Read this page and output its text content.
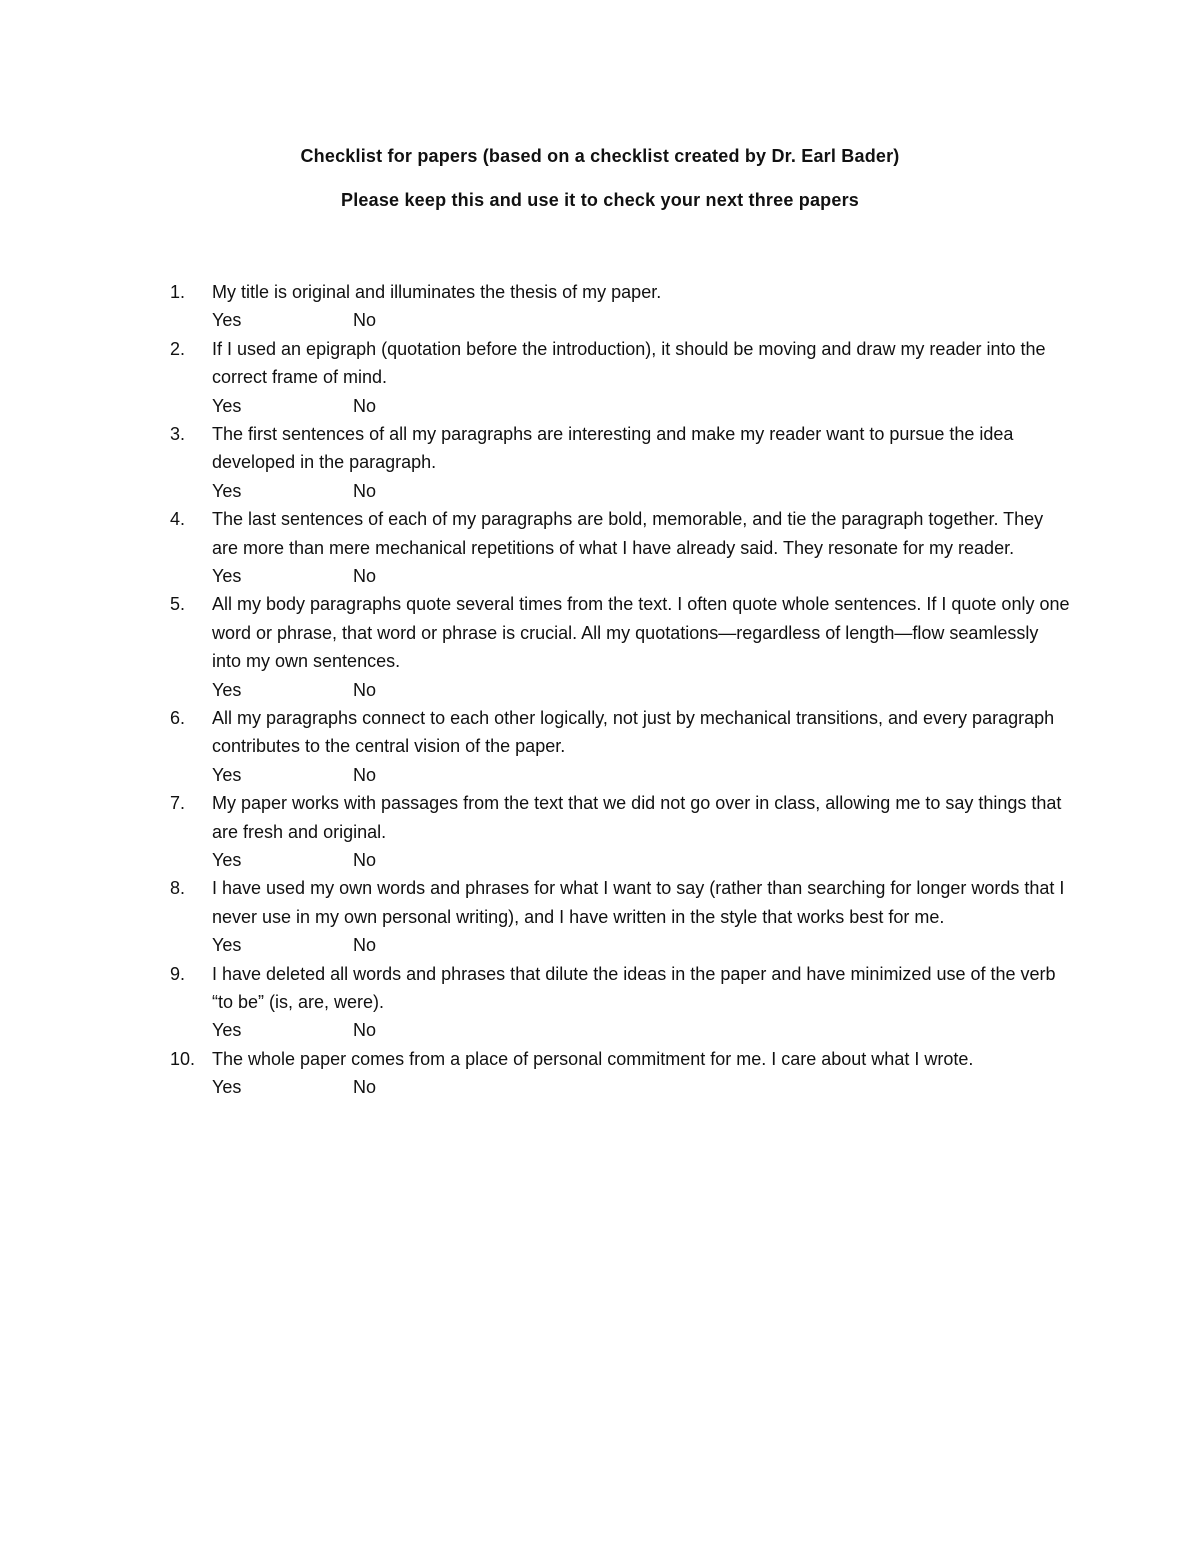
Checklist for papers (based on a checklist created by Dr. Earl Bader)
Please keep this and use it to check your next three papers
1.	My title is original and illuminates the thesis of my paper.
Yes	No
2.	If I used an epigraph (quotation before the introduction), it should be moving and draw my reader into the correct frame of mind.
Yes	No
3.	The first sentences of all my paragraphs are interesting and make my reader want to pursue the idea developed in the paragraph.
Yes	No
4.	The last sentences of each of my paragraphs are bold, memorable, and tie the paragraph together. They are more than mere mechanical repetitions of what I have already said. They resonate for my reader.
Yes	No
5.	All my body paragraphs quote several times from the text. I often quote whole sentences. If I quote only one word or phrase, that word or phrase is crucial. All my quotations—regardless of length—flow seamlessly into my own sentences.
Yes	No
6.	All my paragraphs connect to each other logically, not just by mechanical transitions, and every paragraph contributes to the central vision of the paper.
Yes	No
7.	My paper works with passages from the text that we did not go over in class, allowing me to say things that are fresh and original.
Yes	No
8.	I have used my own words and phrases for what I want to say (rather than searching for longer words that I never use in my own personal writing), and I have written in the style that works best for me.
Yes	No
9.	I have deleted all words and phrases that dilute the ideas in the paper and have minimized use of the verb “to be” (is, are, were).
Yes	No
10. The whole paper comes from a place of personal commitment for me. I care about what I wrote.
Yes	No
